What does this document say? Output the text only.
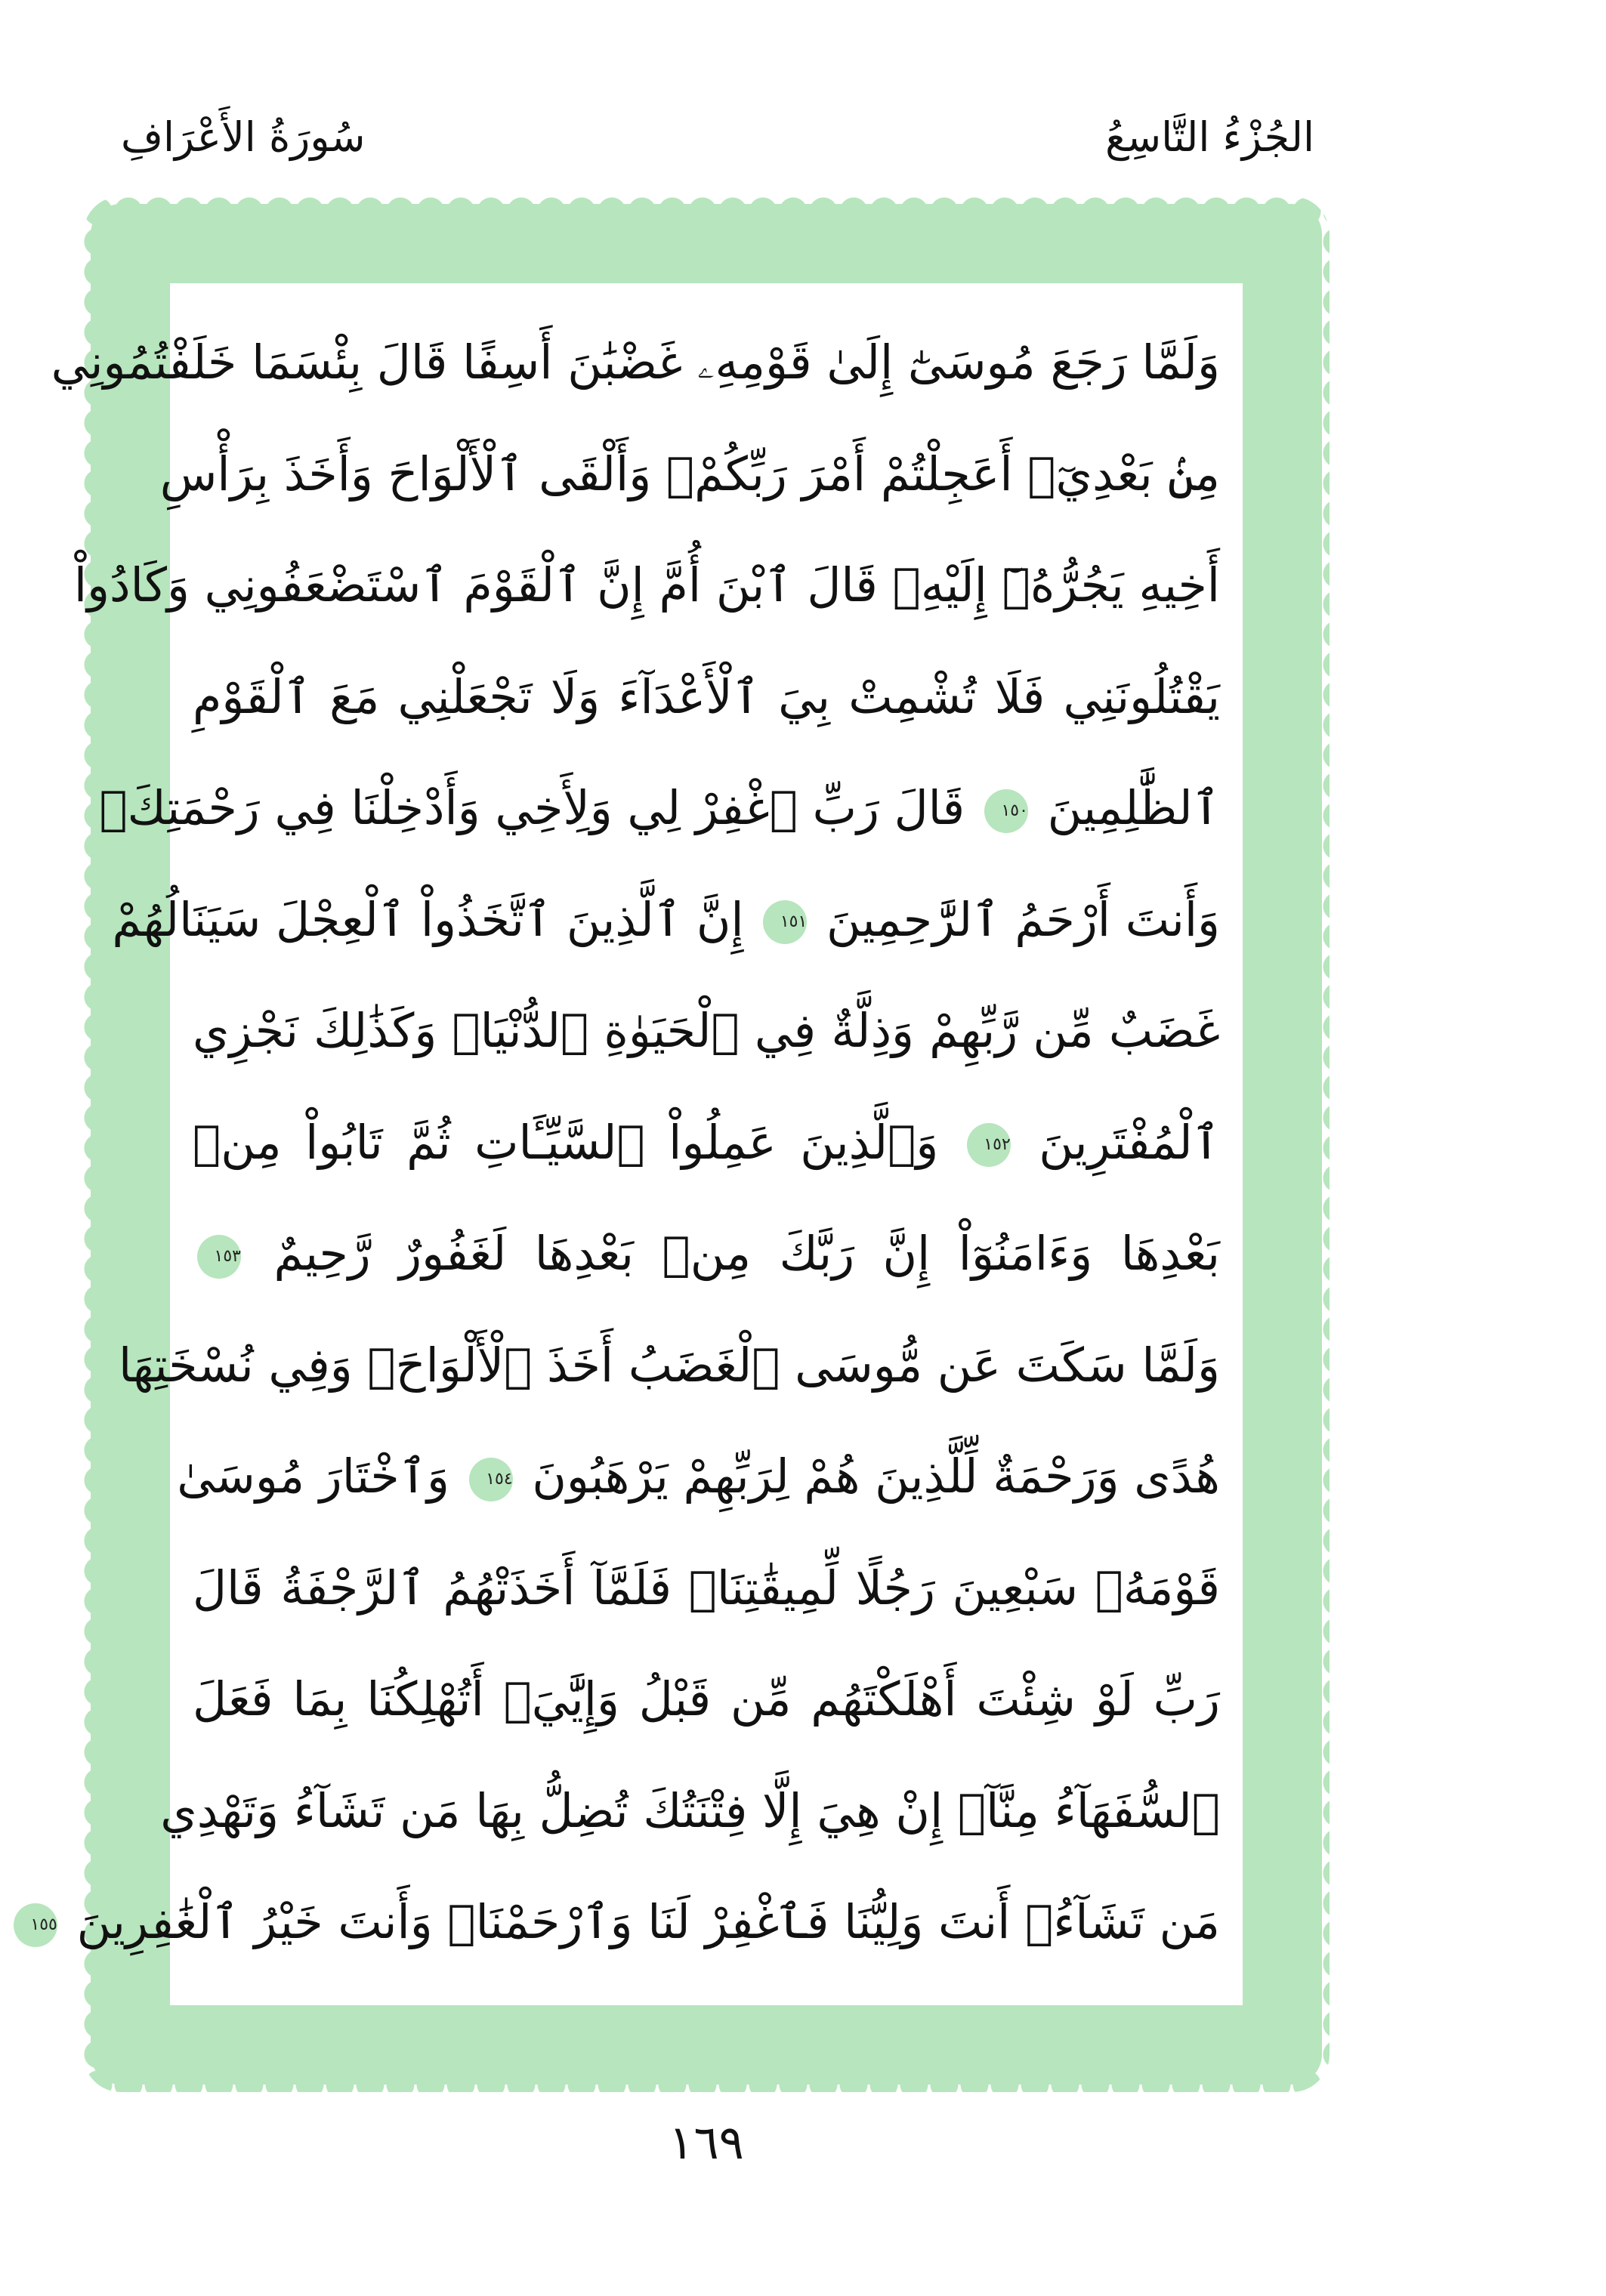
الجُزْءُ التَّاسِعُ
سُورَةُ الأَعْرَافِ
وَلَمَّا رَجَعَ مُوسَىٰٓ إِلَىٰ قَوْمِهِۦ غَضْبَٰنَ أَسِفًا قَالَ بِئْسَمَا خَلَفْتُمُونِي
مِنۢ بَعْدِيٓۖ أَعَجِلْتُمْ أَمْرَ رَبِّكُمْۖ وَأَلْقَى ٱلْأَلْوَاحَ وَأَخَذَ بِرَأْسِ
أَخِيهِ يَجُرُّهُۥٓ إِلَيْهِۚ قَالَ ٱبْنَ أُمَّ إِنَّ ٱلْقَوْمَ ٱسْتَضْعَفُونِي وَكَادُواْ
يَقْتُلُونَنِي فَلَا تُشْمِتْ بِيَ ٱلْأَعْدَآءَ وَلَا تَجْعَلْنِي مَعَ ٱلْقَوْمِ
ٱلظَّٰلِمِينَ ١٥٠ قَالَ رَبِّ ٱغْفِرْ لِي وَلِأَخِي وَأَدْخِلْنَا فِي رَحْمَتِكَۖ
وَأَنتَ أَرْحَمُ ٱلرَّٰحِمِينَ ١٥١ إِنَّ ٱلَّذِينَ ٱتَّخَذُواْ ٱلْعِجْلَ سَيَنَالُهُمْ
غَضَبٌ مِّن رَّبِّهِمْ وَذِلَّةٌ فِي ٱلْحَيَوٰةِ ٱلدُّنْيَاۚ وَكَذَٰلِكَ نَجْزِي
ٱلْمُفْتَرِينَ ١٥٢ وَٱلَّذِينَ عَمِلُواْ ٱلسَّيِّـَٔاتِ ثُمَّ تَابُواْ مِنۢ
بَعْدِهَا وَءَامَنُوٓاْ إِنَّ رَبَّكَ مِنۢ بَعْدِهَا لَغَفُورٌ رَّحِيمٌ ١٥٣
وَلَمَّا سَكَتَ عَن مُّوسَى ٱلْغَضَبُ أَخَذَ ٱلْأَلْوَاحَۖ وَفِي نُسْخَتِهَا
هُدًى وَرَحْمَةٌ لِّلَّذِينَ هُمْ لِرَبِّهِمْ يَرْهَبُونَ ١٥٤ وَٱخْتَارَ مُوسَىٰ
قَوْمَهُۥ سَبْعِينَ رَجُلًا لِّمِيقَٰتِنَاۖ فَلَمَّآ أَخَذَتْهُمُ ٱلرَّجْفَةُ قَالَ
رَبِّ لَوْ شِئْتَ أَهْلَكْتَهُم مِّن قَبْلُ وَإِيَّٰيَۖ أَتُهْلِكُنَا بِمَا فَعَلَ
ٱلسُّفَهَآءُ مِنَّآۖ إِنْ هِيَ إِلَّا فِتْنَتُكَ تُضِلُّ بِهَا مَن تَشَآءُ وَتَهْدِي
مَن تَشَآءُۖ أَنتَ وَلِيُّنَا فَٱغْفِرْ لَنَا وَٱرْحَمْنَاۖ وَأَنتَ خَيْرُ ٱلْغَٰفِرِينَ ١٥٥
١٦٩
